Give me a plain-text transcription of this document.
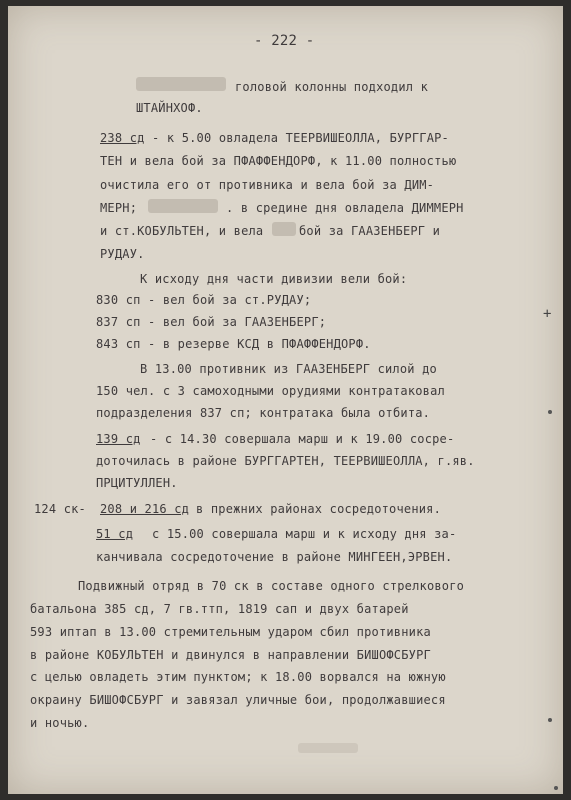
- 222 -
головой колонны подходил к
ШТАЙНХОФ.
238 сд - к 5.00 овладела ТЕЕРВИШЕОЛЛА, БУРГГАР-
ТЕН и вела бой за ПФАФФЕНДОРФ, к 11.00 полностью
очистила его от противника и вела бой за ДИМ-
МЕРН;	. в средине дня овладела ДИММЕРН
и ст.КОБУЛЬТЕН, и вела	бой за ГААЗЕНБЕРГ и
РУДАУ.
К исходу дня части дивизии вели бой:
830 сп - вел бой за ст.РУДАУ;
837 сп - вел бой за ГААЗЕНБЕРГ;
843 сп - в резерве КСД в ПФАФФЕНДОРФ.
В 13.00 противник из ГААЗЕНБЕРГ силой до
150 чел. с 3 самоходными орудиями контратаковал
подразделения 837 сп; контратака была отбита.
139 сд - с 14.30 совершала марш и к 19.00 сосре-
доточилась в районе БУРГГАРТЕН, ТЕЕРВИШЕОЛЛА, г.яв.
ПРЦИТУЛЛЕН.
124 ск- 208 и 216 сд в прежних районах сосредоточения.
51 сд с 15.00 совершала марш и к исходу дня за-
канчивала сосредоточение в районе МИНГЕЕН,ЭРВЕН.
Подвижный отряд в 70 ск в составе одного стрелкового
батальона 385 сд, 7 гв.ттп, 1819 сап и двух батарей
593 иптап в 13.00 стремительным ударом сбил противника
в районе КОБУЛЬТЕН и двинулся в направлении БИШОФСБУРГ
с целью овладеть этим пунктом; к 18.00 ворвался на южную
окраину БИШОФСБУРГ и завязал уличные бои, продолжавшиеся
и ночью.
+
